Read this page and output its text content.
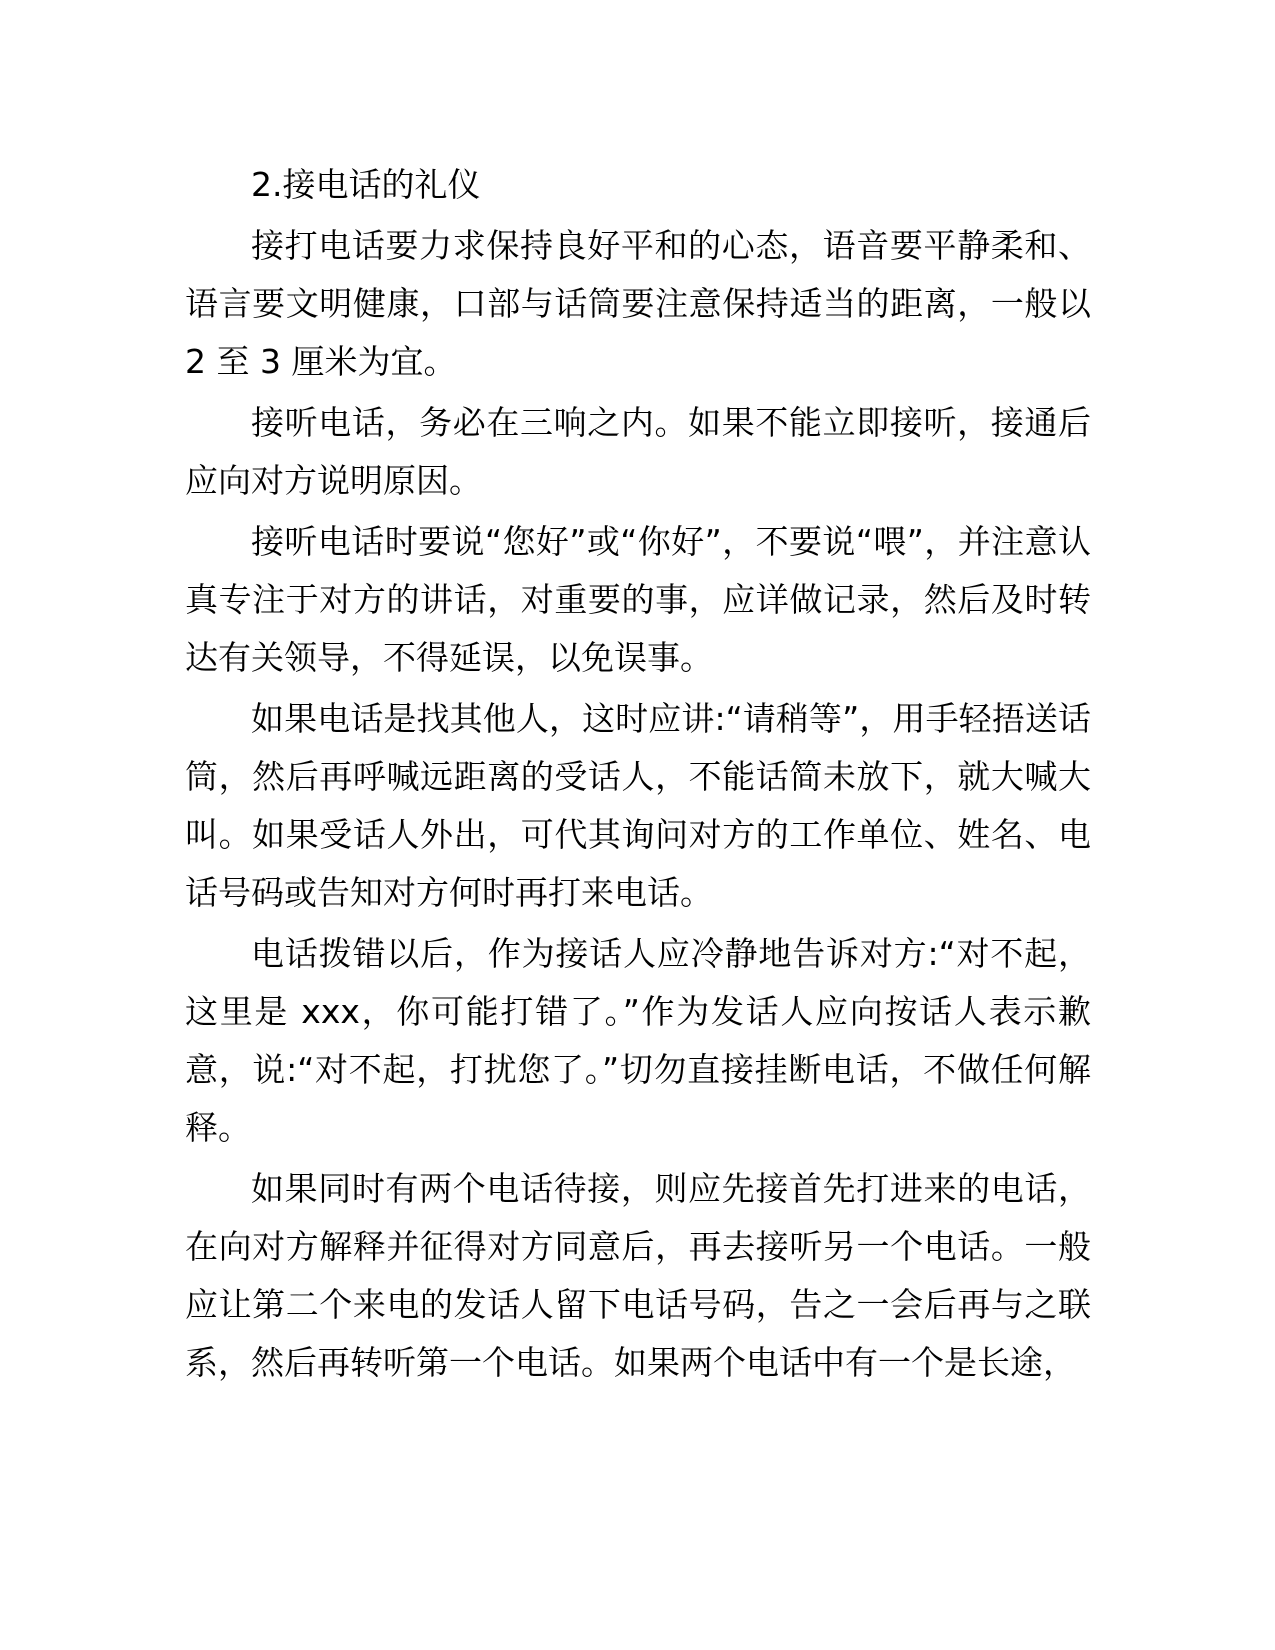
2.接电话的礼仪

接打电话要力求保持良好平和的心态，语音要平静柔和、语言要文明健康，口部与话筒要注意保持适当的距离，一般以 2 至 3 厘米为宜。

接听电话，务必在三响之内。如果不能立即接听，接通后应向对方说明原因。

接听电话时要说“您好”或“你好”，不要说“喂”，并注意认真专注于对方的讲话，对重要的事，应详做记录，然后及时转达有关领导，不得延误，以免误事。

如果电话是找其他人，这时应讲:“请稍等”，用手轻捂送话筒，然后再呼喊远距离的受话人，不能话简未放下，就大喊大叫。如果受话人外出，可代其询问对方的工作单位、姓名、电话号码或告知对方何时再打来电话。

电话拨错以后，作为接话人应冷静地告诉对方:“对不起，这里是 xxx，你可能打错了。”作为发话人应向按话人表示歉意，说:“对不起，打扰您了。”切勿直接挂断电话，不做任何解释。

如果同时有两个电话待接，则应先接首先打进来的电话，在向对方解释并征得对方同意后，再去接听另一个电话。一般应让第二个来电的发话人留下电话号码，告之一会后再与之联系，然后再转听第一个电话。如果两个电话中有一个是长途，
